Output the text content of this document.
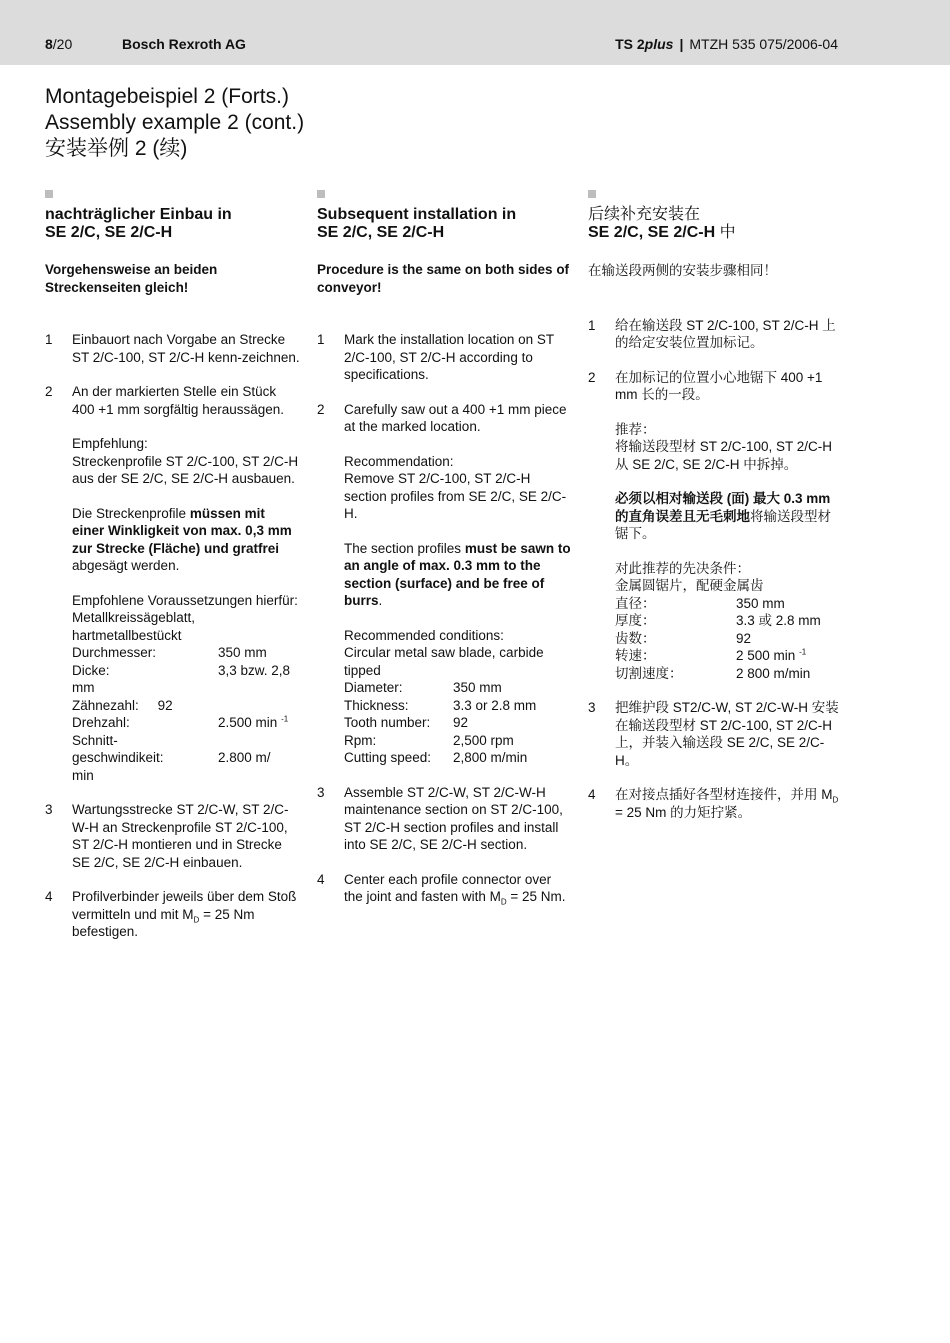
8/20	Bosch Rexroth AG	TS 2plus | MTZH 535 075/2006-04
Montagebeispiel 2 (Forts.)
Assembly example 2 (cont.)
安装举例 2 (续)
nachträglicher Einbau in
SE 2/C, SE 2/C-H
Vorgehensweise an beiden Streckenseiten gleich!
1 Einbauort nach Vorgabe an Strecke ST 2/C-100, ST 2/C-H kenn-zeichnen.
2 An der markierten Stelle ein Stück 400 +1 mm sorgfältig heraussägen.
Empfehlung:
Streckenprofile ST 2/C-100, ST 2/C-H aus der SE 2/C, SE 2/C-H ausbauen.
Die Streckenprofile müssen mit einer Winkligkeit von max. 0,3 mm zur Strecke (Fläche) und gratfrei abgesägt werden.
Empfohlene Voraussetzungen hierfür:
Metallkreissägeblatt, hartmetallbestückt
Durchmesser:	350 mm
Dicke:	3,3 bzw. 2,8
mm
Zähnezahl: 92
Drehzahl:	2.500 min $^{-1}$
Schnitt-
geschwindikeit:	2.800 m/
min
3 Wartungsstrecke ST 2/C-W, ST 2/C-W-H an Streckenprofile ST 2/C-100, ST 2/C-H montieren und in Strecke SE 2/C, SE 2/C-H einbauen.
4 Profilverbinder jeweils über dem Stoß vermitteln und mit $M_D = 25$ Nm befestigen.
Subsequent installation in
SE 2/C, SE 2/C-H
Procedure is the same on both sides of conveyor!
1 Mark the installation location on ST 2/C-100, ST 2/C-H according to specifications.
2 Carefully saw out a 400 +1 mm piece at the marked location.
Recommendation:
Remove ST 2/C-100, ST 2/C-H section profiles from SE 2/C, SE 2/C-H.
The section profiles must be sawn to an angle of max. 0.3 mm to the section (surface) and be free of burrs.
Recommended conditions:
Circular metal saw blade, carbide tipped
Diameter:	350 mm
Thickness:	3.3 or 2.8 mm
Tooth number:	92
Rpm:	2,500 rpm
Cutting speed:	2,800 m/min
3 Assemble ST 2/C-W, ST 2/C-W-H maintenance section on ST 2/C-100, ST 2/C-H section profiles and install into SE 2/C, SE 2/C-H section.
4 Center each profile connector over the joint and fasten with $M_D = 25$ Nm.
后续补充安装在
SE 2/C, SE 2/C-H 中
在输送段两侧的安装步骤相同！
1 给在输送段 ST 2/C-100, ST 2/C-H 上的给定安装位置加标记。
2 在加标记的位置小心地锯下 400 +1 mm 长的一段。
推荐：
将输送段型材 ST 2/C-100, ST 2/C-H 从 SE 2/C, SE 2/C-H 中拆掉。
必须以相对输送段 (面) 最大 0.3 mm 的直角误差且无毛刺地将输送段型材锯下。
对此推荐的先决条件：
金属圆锯片，配硬金属齿
直径：	350 mm
厚度：	3.3 或 2.8 mm
齿数：	92
转速：	2 500 min $^{-1}$
切割速度：	2 800 m/min
3 把维护段 ST2/C-W, ST 2/C-W-H 安装在输送段型材 ST 2/C-100, ST 2/C-H 上，并装入输送段 SE 2/C, SE 2/C-H。
4 在对接点插好各型材连接件，并用 $M_D = 25$ Nm 的力矩拧紧。
